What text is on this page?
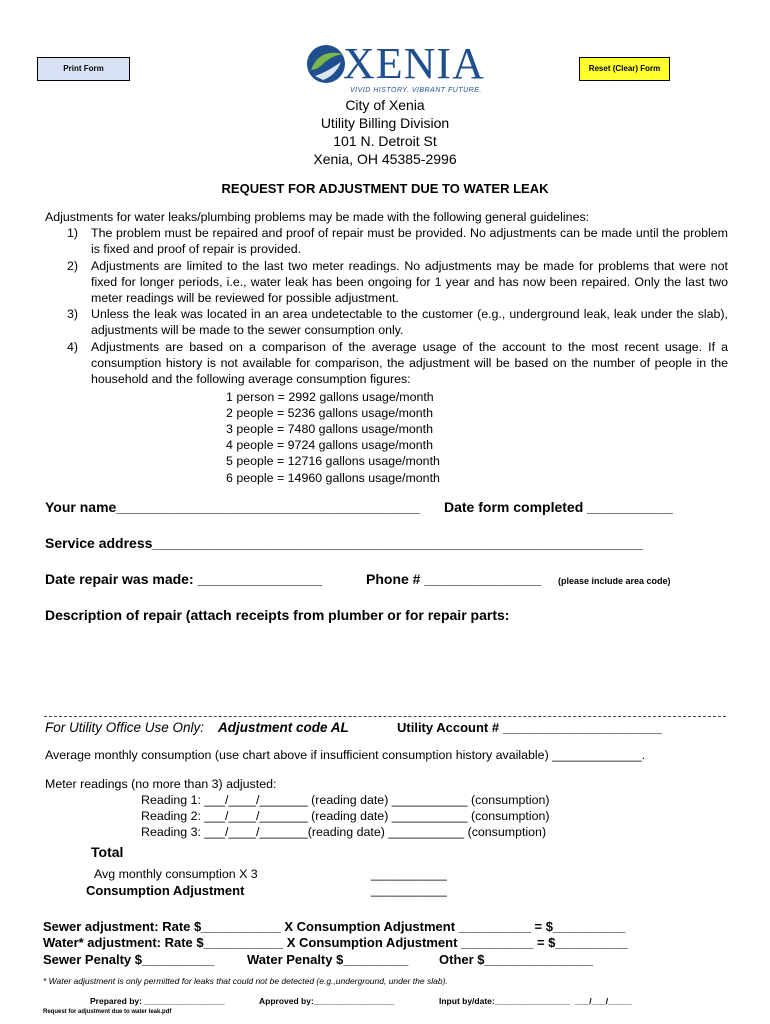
Print Form	Reset (Clear) Form
XENIA
VIVID HISTORY. VIBRANT FUTURE.
City of Xenia
Utility Billing Division
101 N. Detroit St
Xenia, OH 45385-2996
REQUEST FOR ADJUSTMENT DUE TO WATER LEAK
Adjustments for water leaks/plumbing problems may be made with the following general guidelines:
1) The problem must be repaired and proof of repair must be provided. No adjustments can be made until the problem is fixed and proof of repair is provided.
2) Adjustments are limited to the last two meter readings. No adjustments may be made for problems that were not fixed for longer periods, i.e., water leak has been ongoing for 1 year and has now been repaired. Only the last two meter readings will be reviewed for possible adjustment.
3) Unless the leak was located in an area undetectable to the customer (e.g., underground leak, leak under the slab), adjustments will be made to the sewer consumption only.
4) Adjustments are based on a comparison of the average usage of the account to the most recent usage. If a consumption history is not available for comparison, the adjustment will be based on the number of people in the household and the following average consumption figures:
1 person = 2992 gallons usage/month
2 people = 5236 gallons usage/month
3 people = 7480 gallons usage/month
4 people = 9724 gallons usage/month
5 people = 12716 gallons usage/month
6 people = 14960 gallons usage/month
Your name_______________________________________ Date form completed ___________
Service address_______________________________________________________________
Date repair was made: ________________	Phone # _______________ (please include area code)
Description of repair (attach receipts from plumber or for repair parts:
For Utility Office Use Only: Adjustment code AL	Utility Account # ______________________
Average monthly consumption (use chart above if insufficient consumption history available) _____________.
Meter readings (no more than 3) adjusted:
Reading 1: ___/____/_______ (reading date) ___________ (consumption)
Reading 2: ___/____/_______ (reading date) ___________ (consumption)
Reading 3: ___/____/_______(reading date) ___________ (consumption)
Total
Avg monthly consumption X 3	___________
Consumption Adjustment	___________
Sewer adjustment: Rate $___________ X Consumption Adjustment __________ = $__________
Water* adjustment: Rate $___________ X Consumption Adjustment __________ = $__________
Sewer Penalty $__________	Water Penalty $_________ Other $_______________
* Water adjustment is only permitted for leaks that could not be detected (e.g.,underground, under the slab).
Prepared by: _________________	Approved by:_________________	Input by/date:________________  ___/___/_____
Request for adjustment due to water leak.pdf
